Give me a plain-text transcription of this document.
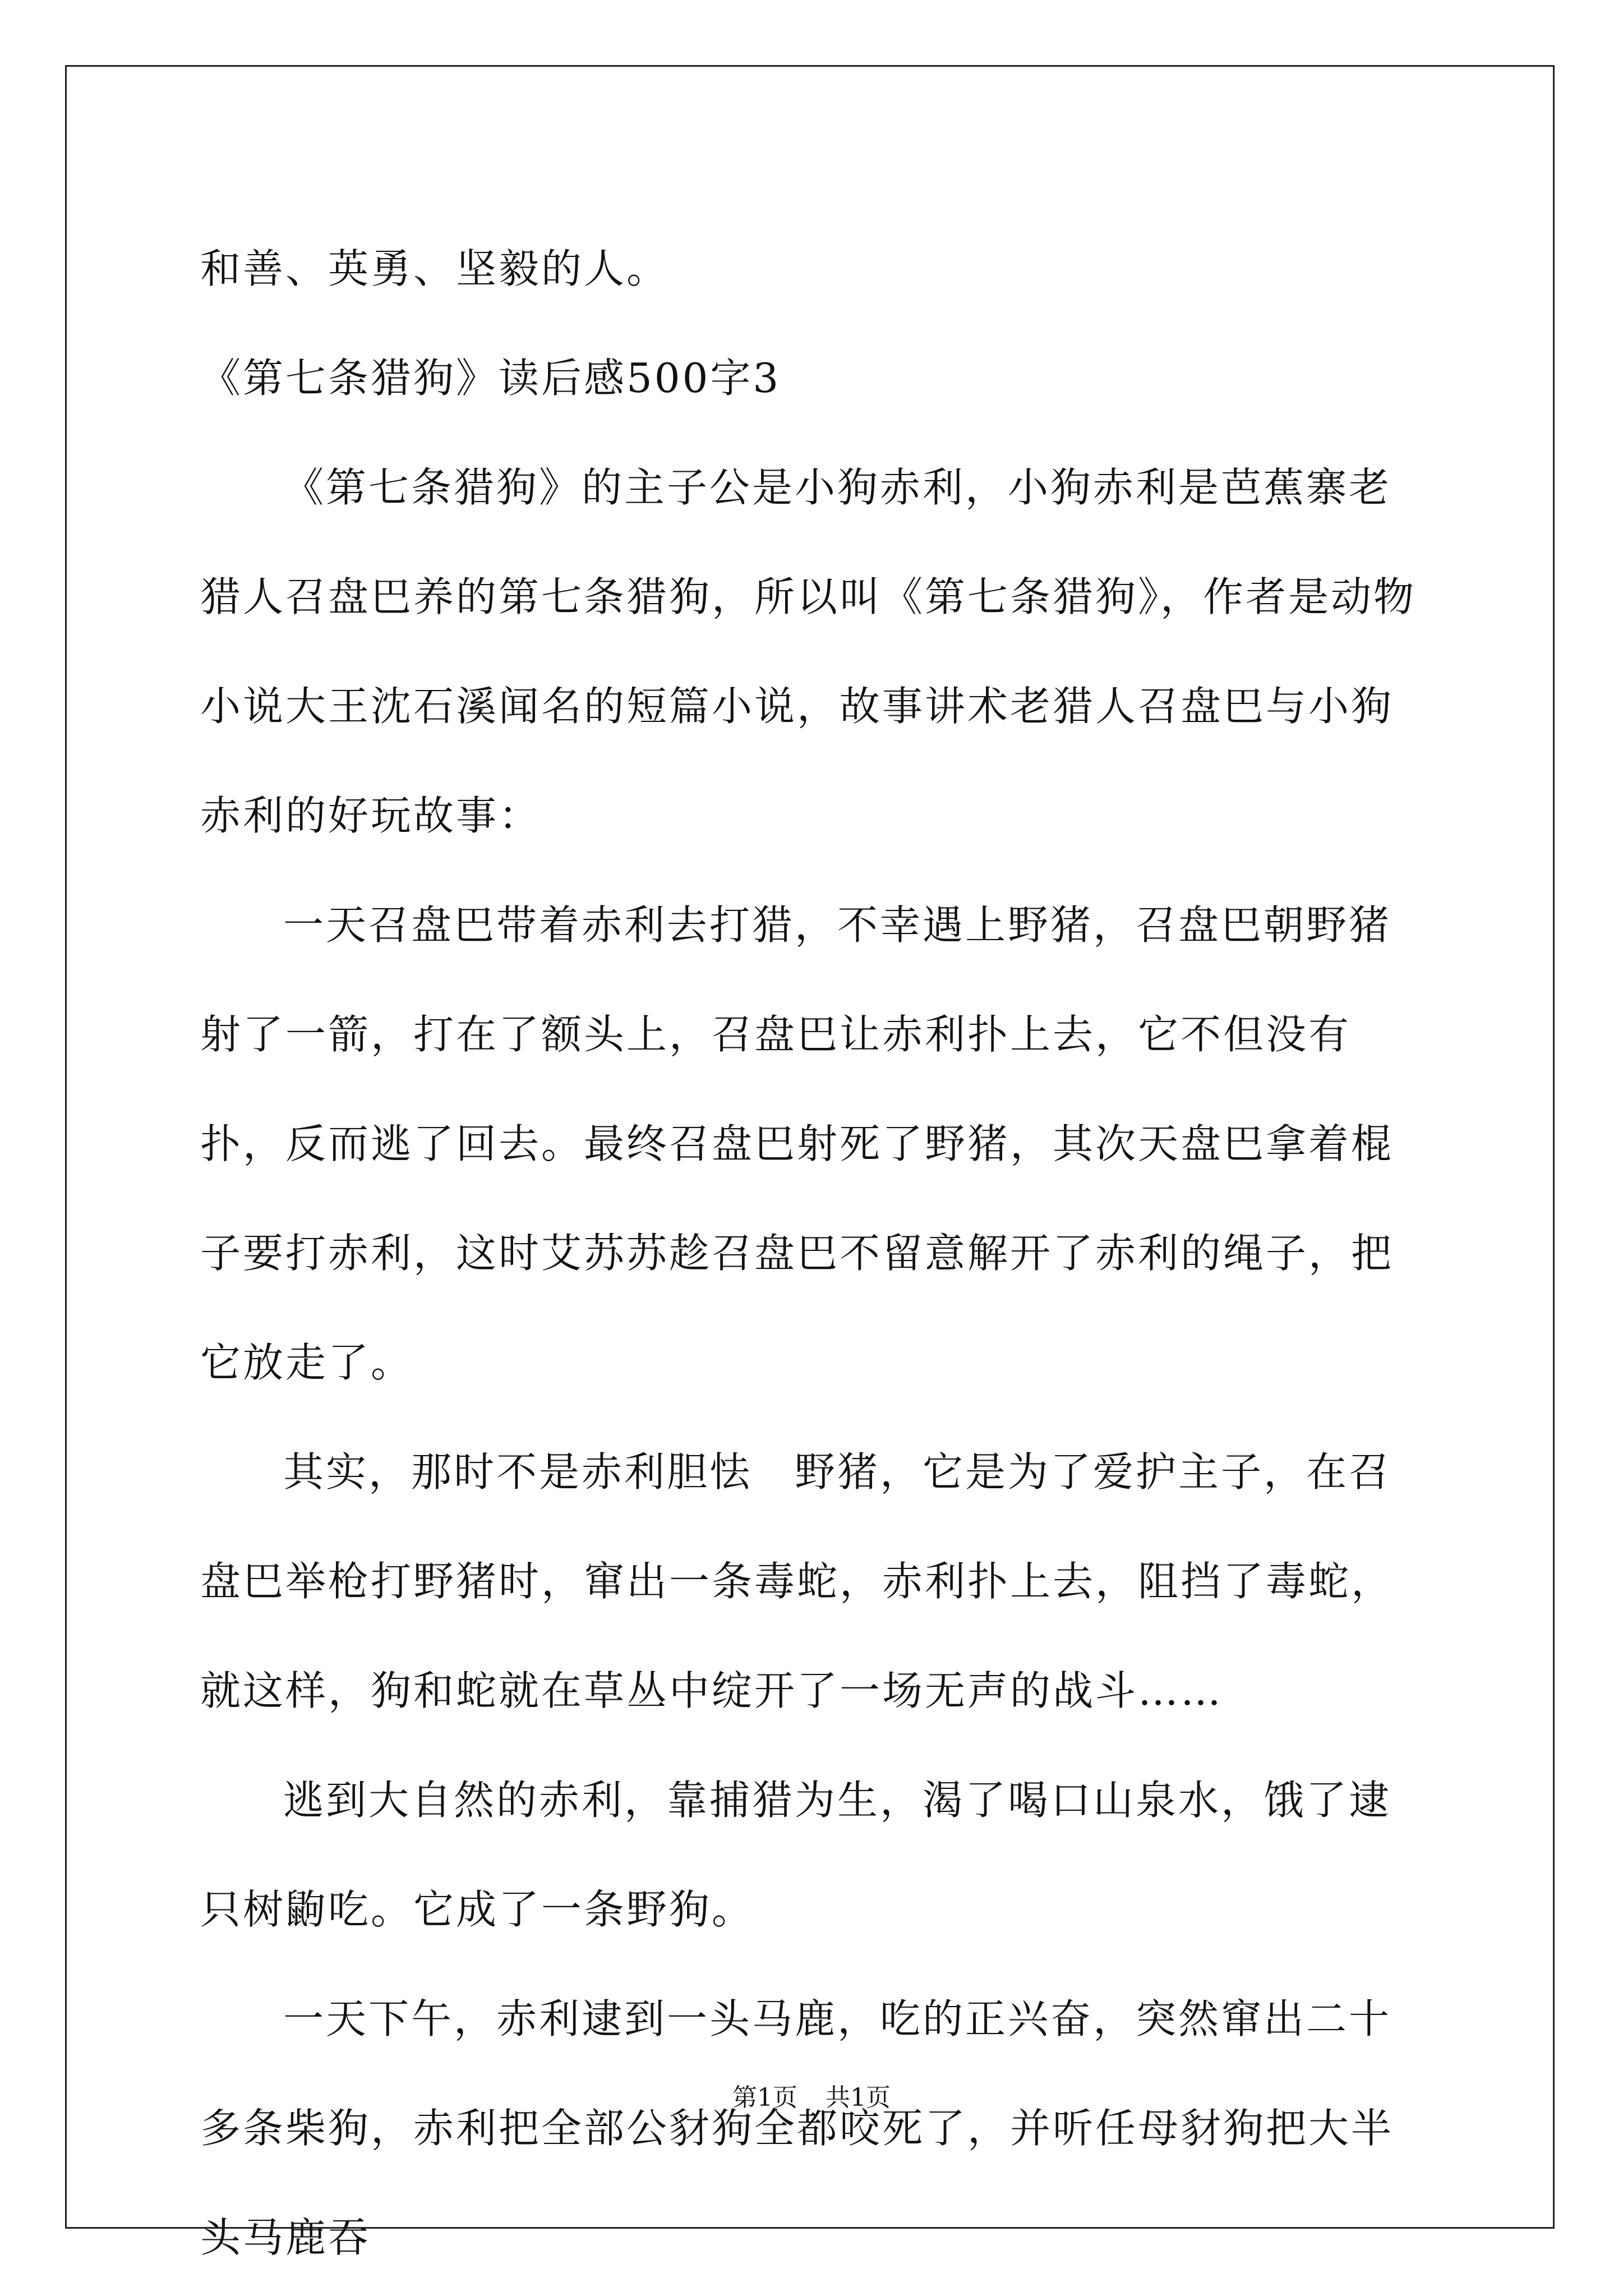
和善、英勇、坚毅的人。

《第七条猎狗》读后感500字3

《第七条猎狗》的主子公是小狗赤利，小狗赤利是芭蕉寨老猎人召盘巴养的第七条猎狗，所以叫《第七条猎狗》，作者是动物小说大王沈石溪闻名的短篇小说，故事讲术老猎人召盘巴与小狗赤利的好玩故事：

一天召盘巴带着赤利去打猎，不幸遇上野猪，召盘巴朝野猪射了一箭，打在了额头上，召盘巴让赤利扑上去，它不但没有扑，反而逃了回去。最终召盘巴射死了野猪，其次天盘巴拿着棍子要打赤利，这时艾苏苏趁召盘巴不留意解开了赤利的绳子，把它放走了。

其实，那时不是赤利胆怯　野猪，它是为了爱护主子，在召盘巴举枪打野猪时，窜出一条毒蛇，赤利扑上去，阻挡了毒蛇，就这样，狗和蛇就在草丛中绽开了一场无声的战斗……

逃到大自然的赤利，靠捕猎为生，渴了喝口山泉水，饿了逮只树鼩吃。它成了一条野狗。

一天下午，赤利逮到一头马鹿，吃的正兴奋，突然窜出二十多条柴狗，赤利把全部公豺狗全都咬死了，并听任母豺狗把大半头马鹿吞

第1页 共1页
